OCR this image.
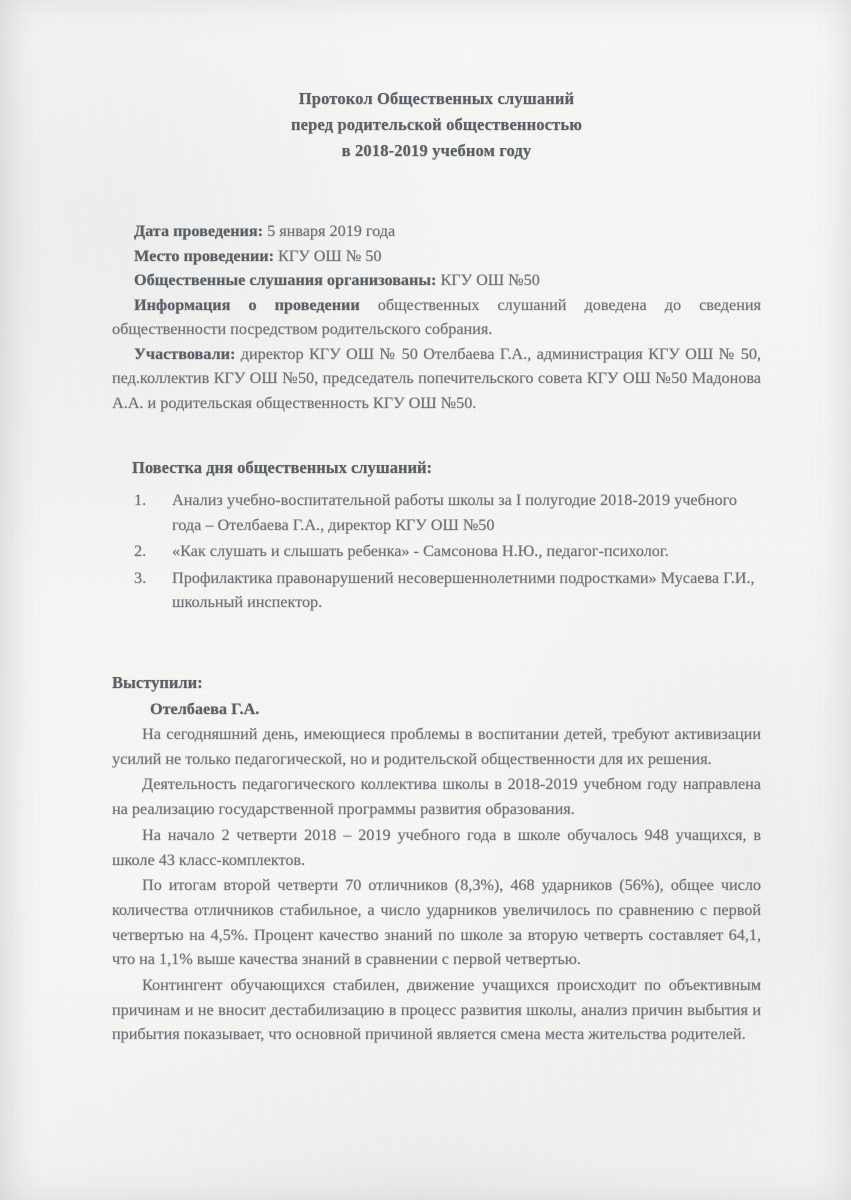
Протокол Общественных слушаний
перед родительской общественностью
в 2018-2019 учебном году
Дата проведения: 5 января 2019 года
Место проведении: КГУ ОШ № 50
Общественные слушания организованы: КГУ ОШ №50
Информация о проведении общественных слушаний доведена до сведения общественности посредством родительского собрания.
Участвовали: директор КГУ ОШ № 50 Отелбаева Г.А., администрация КГУ ОШ № 50, пед.коллектив КГУ ОШ №50, председатель попечительского совета КГУ ОШ №50 Мадонова А.А. и родительская общественность КГУ ОШ №50.
Повестка дня общественных слушаний:
1.	Анализ учебно-воспитательной работы школы за I полугодие 2018-2019 учебного года – Отелбаева Г.А., директор КГУ ОШ №50
2.	«Как слушать и слышать ребенка» - Самсонова Н.Ю., педагог-психолог.
3.	Профилактика правонарушений несовершеннолетними подростками» Мусаева Г.И., школьный инспектор.
Выступили:
Отелбаева Г.А.
На сегодняшний день, имеющиеся проблемы в воспитании детей, требуют активизации усилий не только педагогической, но и родительской общественности для их решения.
Деятельность педагогического коллектива школы в 2018-2019 учебном году направлена на реализацию государственной программы развития образования.
На начало 2 четверти 2018 – 2019 учебного года в школе обучалось 948 учащихся, в школе 43 класс-комплектов.
По итогам второй четверти 70 отличников (8,3%), 468 ударников (56%), общее число количества отличников стабильное, а число ударников увеличилось по сравнению с первой четвертью на 4,5%. Процент качество знаний по школе за вторую четверть составляет 64,1, что на 1,1% выше качества знаний в сравнении с первой четвертью.
Контингент обучающихся стабилен, движение учащихся происходит по объективным причинам и не вносит дестабилизацию в процесс развития школы, анализ причин выбытия и прибытия показывает, что основной причиной является смена места жительства родителей.
